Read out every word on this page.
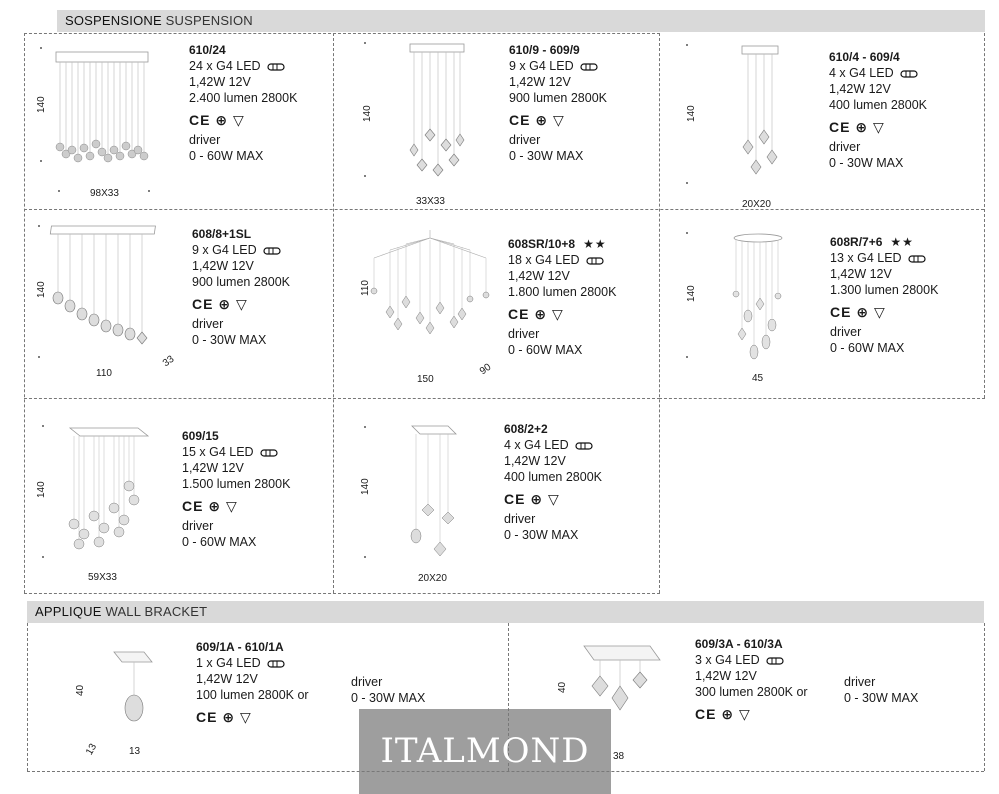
SOSPENSIONE SUSPENSION
140
98X33
610/24
24 x G4 LED
1,42W 12V
2.400 lumen 2800K
CE ⊕ ▽
driver
0 - 60W MAX
140
33X33
610/9 - 609/9
9 x G4 LED
1,42W 12V
900 lumen 2800K
CE ⊕ ▽
driver
0 - 30W MAX
140
20X20
610/4 - 609/4
4 x G4 LED
1,42W 12V
400 lumen 2800K
CE ⊕ ▽
driver
0 - 30W MAX
140
110
33
608/8+1SL
9 x G4 LED
1,42W 12V
900 lumen 2800K
CE ⊕ ▽
driver
0 - 30W MAX
110
150
90
608SR/10+8 ★★
18 x G4 LED
1,42W 12V
1.800 lumen 2800K
CE ⊕ ▽
driver
0 - 60W MAX
140
45
608R/7+6 ★★
13 x G4 LED
1,42W 12V
1.300 lumen 2800K
CE ⊕ ▽
driver
0 - 60W MAX
140
59X33
609/15
15 x G4 LED
1,42W 12V
1.500 lumen 2800K
CE ⊕ ▽
driver
0 - 60W MAX
140
20X20
608/2+2
4 x G4 LED
1,42W 12V
400 lumen 2800K
CE ⊕ ▽
driver
0 - 30W MAX
APPLIQUE WALL BRACKET
40
13	13
609/1A - 610/1A
1 x G4 LED
1,42W 12V
100 lumen 2800K or
CE ⊕ ▽
driver
0 - 30W MAX
40
38
609/3A - 610/3A
3 x G4 LED
1,42W 12V
300 lumen 2800K or
CE ⊕ ▽
driver
0 - 30W MAX
ITALMOND
